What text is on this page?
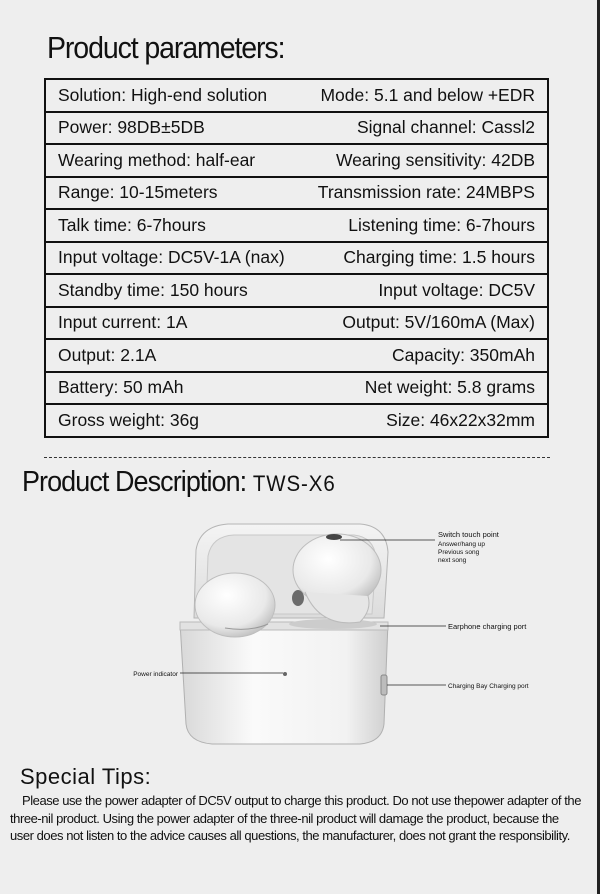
Product parameters:
Solution: High-end solution	Mode: 5.1 and below +EDR
Power: 98DB±5DB	Signal channel: Cassl2
Wearing method: half-ear	Wearing sensitivity: 42DB
Range: 10-15meters	Transmission rate: 24MBPS
Talk time: 6-7hours	Listening time: 6-7hours
Input voltage: DC5V-1A (nax)	Charging time: 1.5 hours
Standby time: 150 hours	Input voltage: DC5V
Input current: 1A	Output: 5V/160mA (Max)
Output: 2.1A	Capacity: 350mAh
Battery: 50 mAh	Net weight: 5.8 grams
Gross weight: 36g	Size: 46x22x32mm
Product Description: TWS-X6
Switch touch point
Answer/hang up
Previous song
next song
Earphone charging port
Power indicator
Charging Bay Charging port
Special Tips:
Please use the power adapter of DC5V output to charge this product. Do not use thepower adapter of the three-nil product. Using the power adapter of the three-nil product will damage the product, because the user does not listen to the advice causes all questions, the manufacturer, does not grant the responsibility.
